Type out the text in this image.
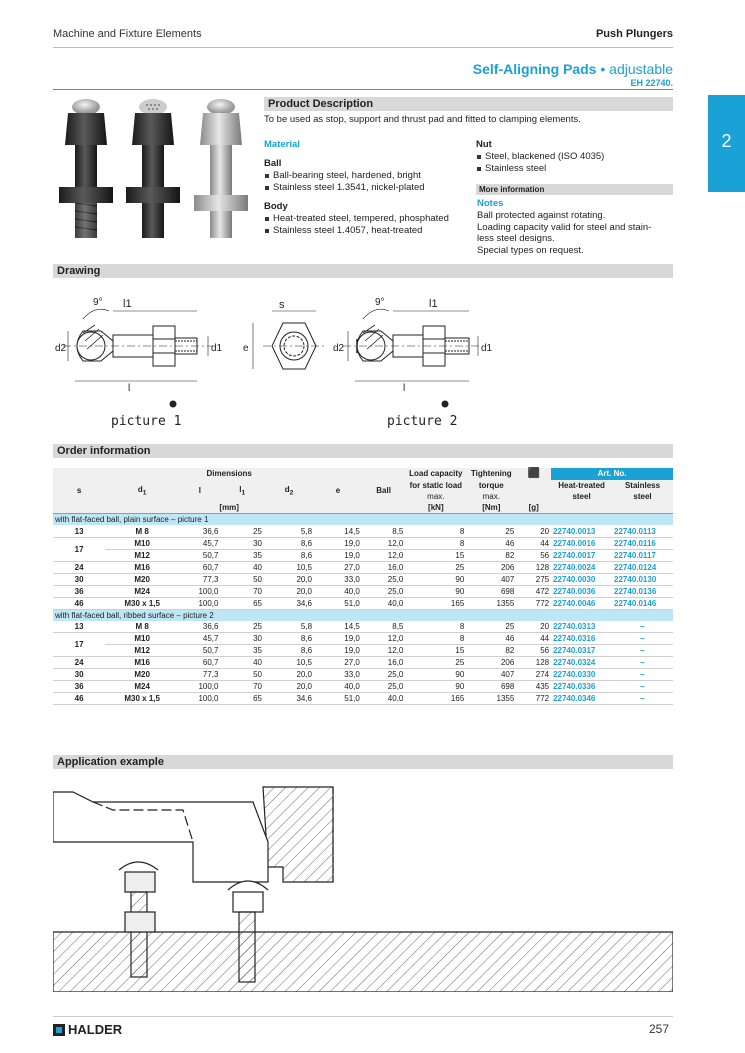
Machine and Fixture Elements	Push Plungers
Self-Aligning Pads • adjustable
EH 22740.
2
Product Description
To be used as stop, support and thrust pad and fitted to clamping elements.
Material
Ball
Ball-bearing steel, hardened, bright
Stainless steel 1.3541, nickel-plated
Body
Heat-treated steel, tempered, phosphated
Stainless steel 1.4057, heat-treated
Nut
Steel, blackened (ISO 4035)
Stainless steel
More information
Notes
Ball protected against rotating.
Loading capacity valid for steel and stain-
less steel designs.
Special types on request.
Drawing
l1
9°
d2	d1
l
picture 1
s
e
l1
9°
d2	d1
l
picture 2
Order information
Dimensions							Load capacity	Tightening	⬛	Art. No.	
s	$d_1$	l	$l_1$	$d_2$	e	Ball	for static load
max.	torque
max.		Heat-treated
steel	Stainless
steel
[mm]							[kN]	[Nm]	[g]		
with flat-faced ball, plain surface – picture 1											
13	M 8	36,6	25	5,8	14,5	8,5	8	25	20	22740.0013	22740.0113
17	M10	45,7	30	8,6	19,0	12,0	8	46	44	22740.0016	22740.0116
	M12	50,7	35	8,6	19,0	12,0	15	82	56	22740.0017	22740.0117
24	M16	60,7	40	10,5	27,0	16,0	25	206	128	22740.0024	22740.0124
30	M20	77,3	50	20,0	33,0	25,0	90	407	275	22740.0030	22740.0130
36	M24	100,0	70	20,0	40,0	25,0	90	698	472	22740.0036	22740.0136
46	M30 x 1,5	100,0	65	34,6	51,0	40,0	165	1355	772	22740.0046	22740.0146
with flat-faced ball, ribbed surface – picture 2											
13	M 8	36,6	25	5,8	14,5	8,5	8	25	20	22740.0313	–
17	M10	45,7	30	8,6	19,0	12,0	8	46	44	22740.0316	–
	M12	50,7	35	8,6	19,0	12,0	15	82	56	22740.0317	–
24	M16	60,7	40	10,5	27,0	16,0	25	206	128	22740.0324	–
30	M20	77,3	50	20,0	33,0	25,0	90	407	274	22740.0330	–
36	M24	100,0	70	20,0	40,0	25,0	90	698	435	22740.0336	–
46	M30 x 1,5	100,0	65	34,6	51,0	40,0	165	1355	772	22740.0346	–
Application example
HALDER	257
